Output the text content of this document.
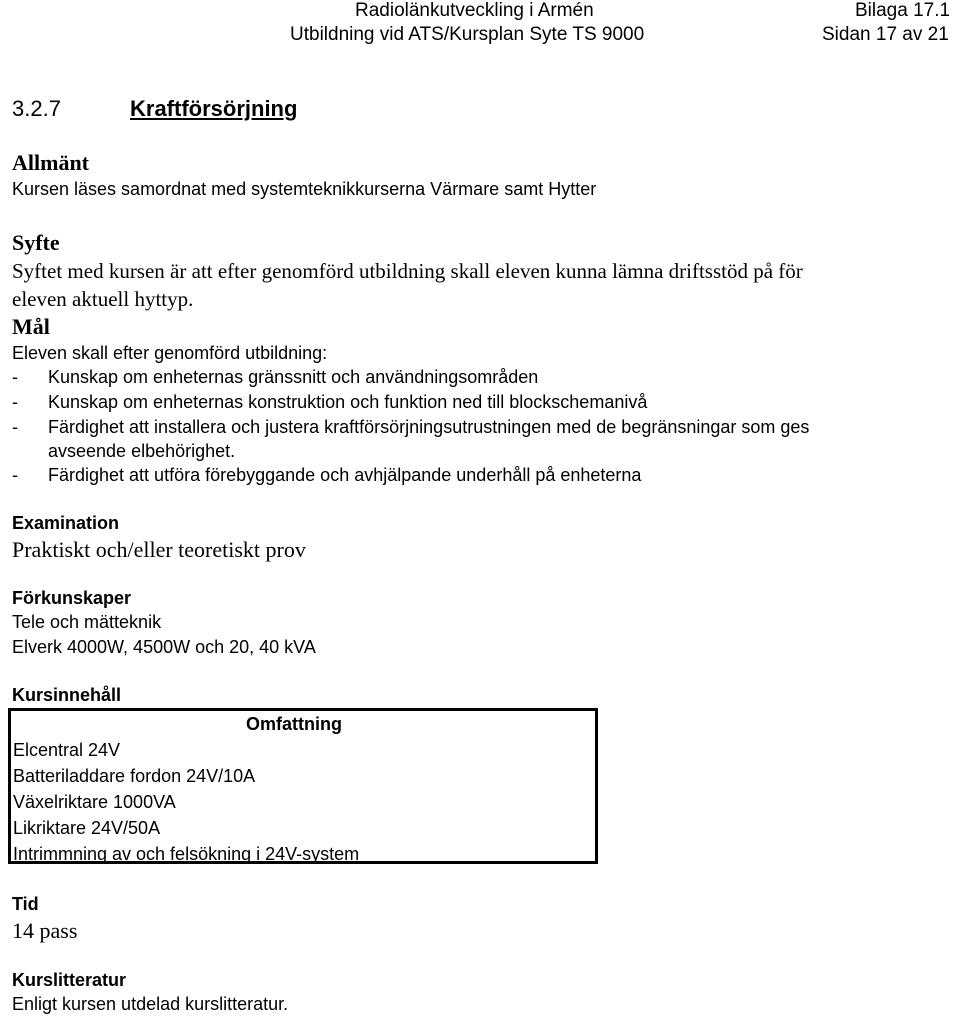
Radiolänkutveckling i Armén	Bilaga 17.1
Utbildning vid ATS/Kursplan Syte TS 9000	Sidan 17 av 21
3.2.7	Kraftförsörjning
Allmänt
Kursen läses samordnat med systemteknikkurserna Värmare samt Hytter
Syfte
Syftet med kursen är att efter genomförd utbildning skall eleven kunna lämna driftsstöd på för
eleven aktuell hyttyp.
Mål
Eleven skall efter genomförd utbildning:
- Kunskap om enheternas gränssnitt och användningsområden
- Kunskap om enheternas konstruktion och funktion ned till blockschemanivå
- Färdighet att installera och justera kraftförsörjningsutrustningen med de begränsningar som ges
avseende elbehörighet.
- Färdighet att utföra förebyggande och avhjälpande underhåll på enheterna
Examination
Praktiskt och/eller teoretiskt prov
Förkunskaper
Tele och mätteknik
Elverk 4000W, 4500W och 20, 40 kVA
Kursinnehåll
Omfattning
Elcentral 24V
Batteriladdare fordon 24V/10A
Växelriktare 1000VA
Likriktare 24V/50A
Intrimmning av och felsökning i 24V-system
Tid
14 pass
Kurslitteratur
Enligt kursen utdelad kurslitteratur.
